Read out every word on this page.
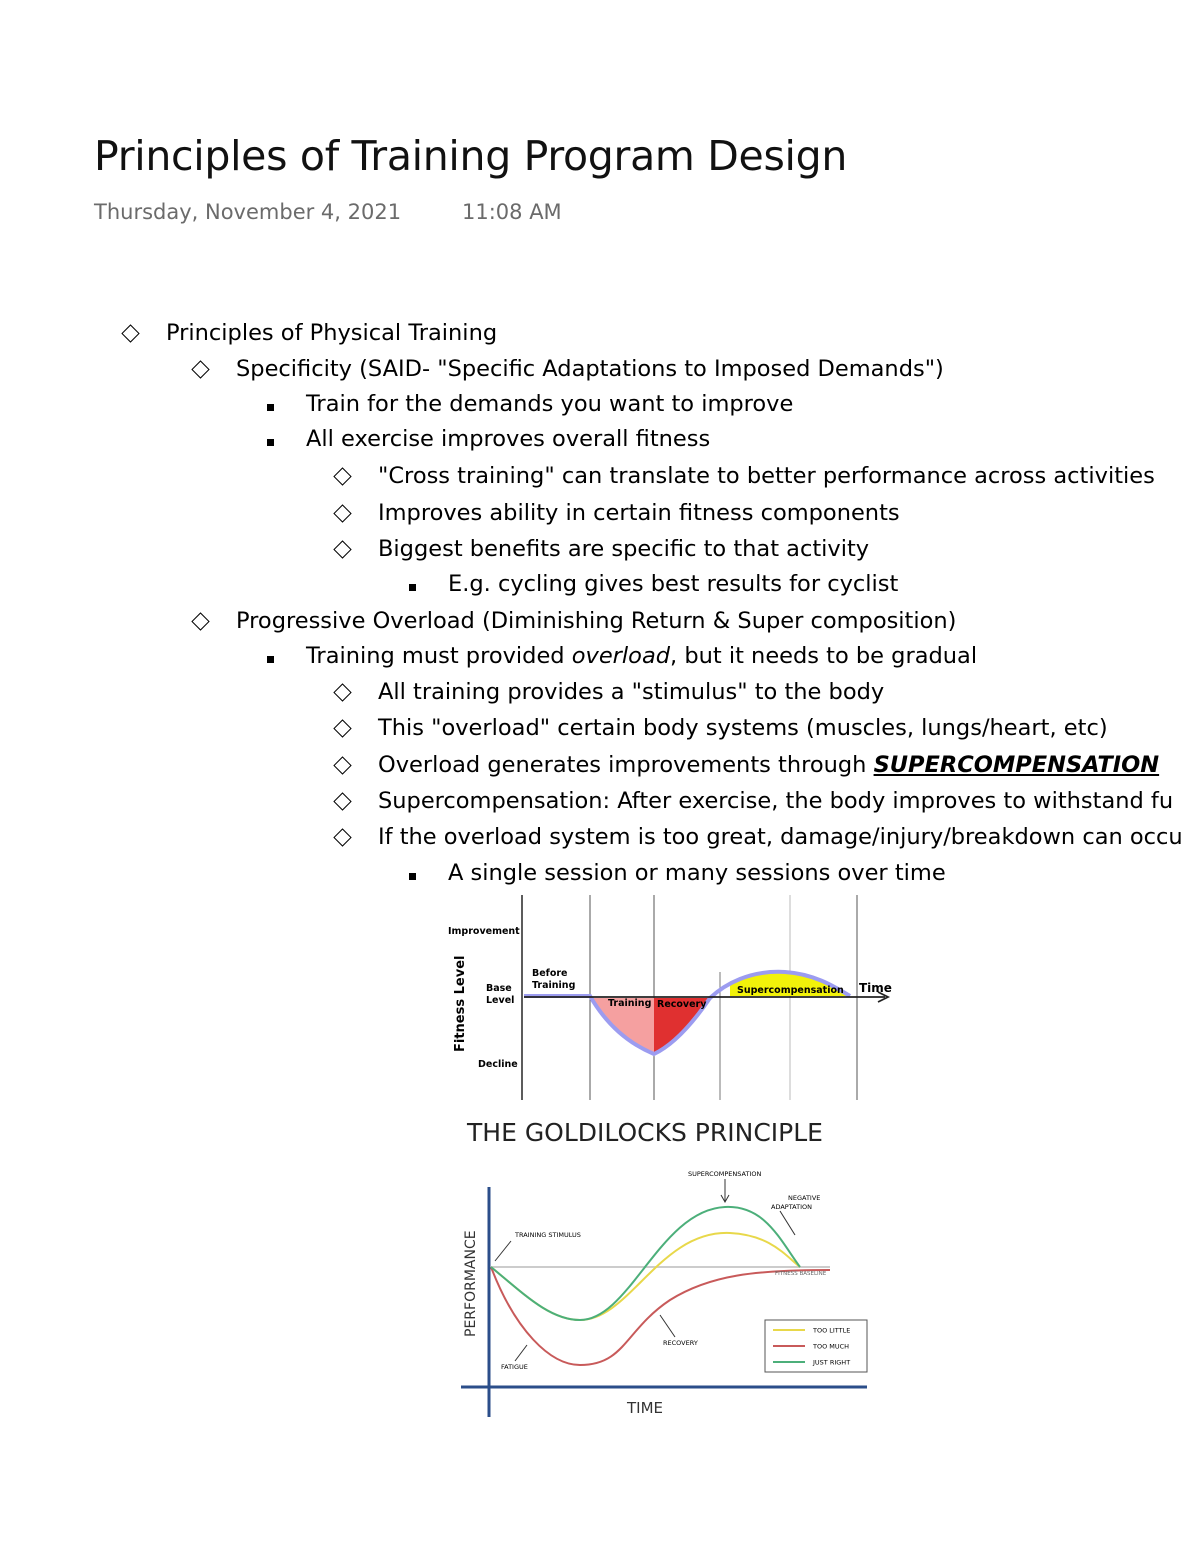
Principles of Training Program Design
Thursday, November 4, 2021	11:08 AM
Principles of Physical Training
Specificity (SAID- "Specific Adaptations to Imposed Demands")
Train for the demands you want to improve
All exercise improves overall fitness
"Cross training" can translate to better performance across activities
Improves ability in certain fitness components
Biggest benefits are specific to that activity
E.g. cycling gives best results for cyclist
Progressive Overload (Diminishing Return & Super composition)
Training must provided overload, but it needs to be gradual
All training provides a "stimulus" to the body
This "overload" certain body systems (muscles, lungs/heart, etc)
Overload generates improvements through SUPERCOMPENSATION
Supercompensation: After exercise, the body improves to withstand fu
If the overload system is too great, damage/injury/breakdown can occu
A single session or many sessions over time
Improvement
Base
Level
Decline
Fitness Level	Before
Training
Training Recovery
Supercompensation Time
THE GOLDILOCKS PRINCIPLE
PERFORMANCE
TIME
SUPERCOMPENSATION
NEGATIVE
ADAPTATION
TRAINING STIMULUS
FITNESS BASELINE
RECOVERY
FATIGUE
TOO LITTLE
TOO MUCH
JUST RIGHT
